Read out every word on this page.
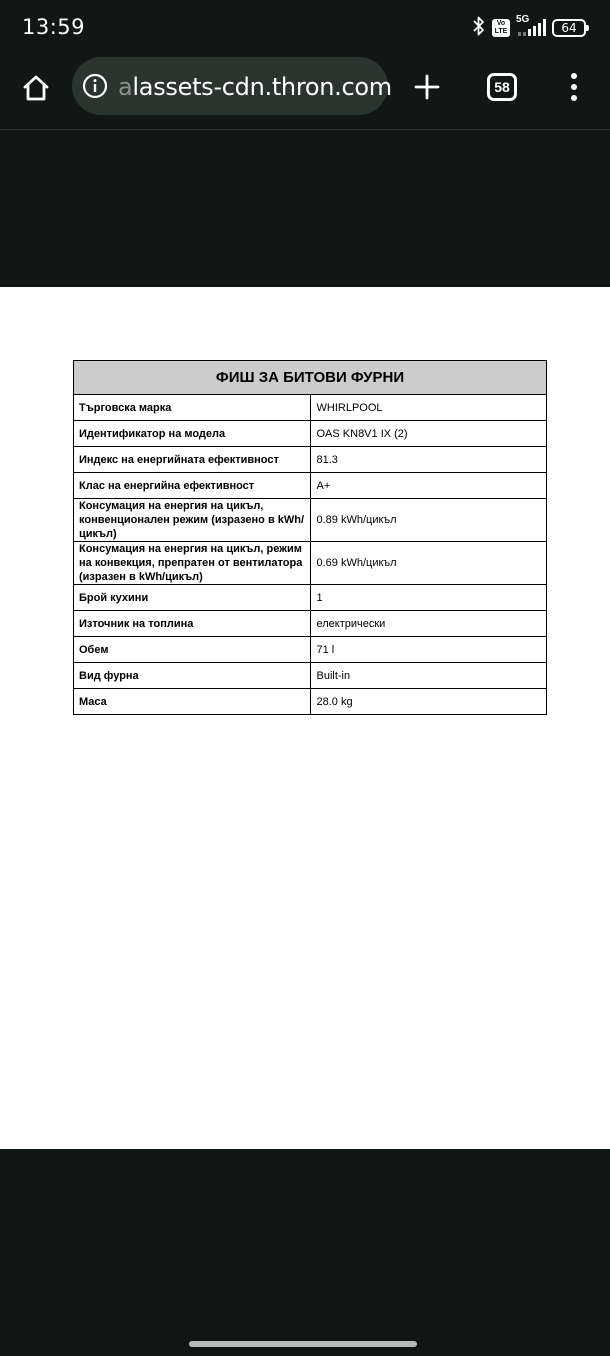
13:59	Vo
LTE
5G
64
alassets-cdn.thron.com	58
ФИШ ЗА БИТОВИ ФУРНИ	
Търговска марка	WHIRLPOOL
Идентификатор на модела	OAS KN8V1 IX (2)
Индекс на енергийната ефективност	81.3
Клас на енергийна ефективност	A+
Консумация на енергия на цикъл, конвенционален режим (изразено в kWh/цикъл)	0.89 kWh/цикъл
Консумация на енергия на цикъл, режим на конвекция, препратен от вентилатора (изразен в kWh/цикъл)	0.69 kWh/цикъл
Брой кухини	1
Източник на топлина	електрически
Обем	71 l
Вид фурна	Built-in
Маса	28.0 kg
